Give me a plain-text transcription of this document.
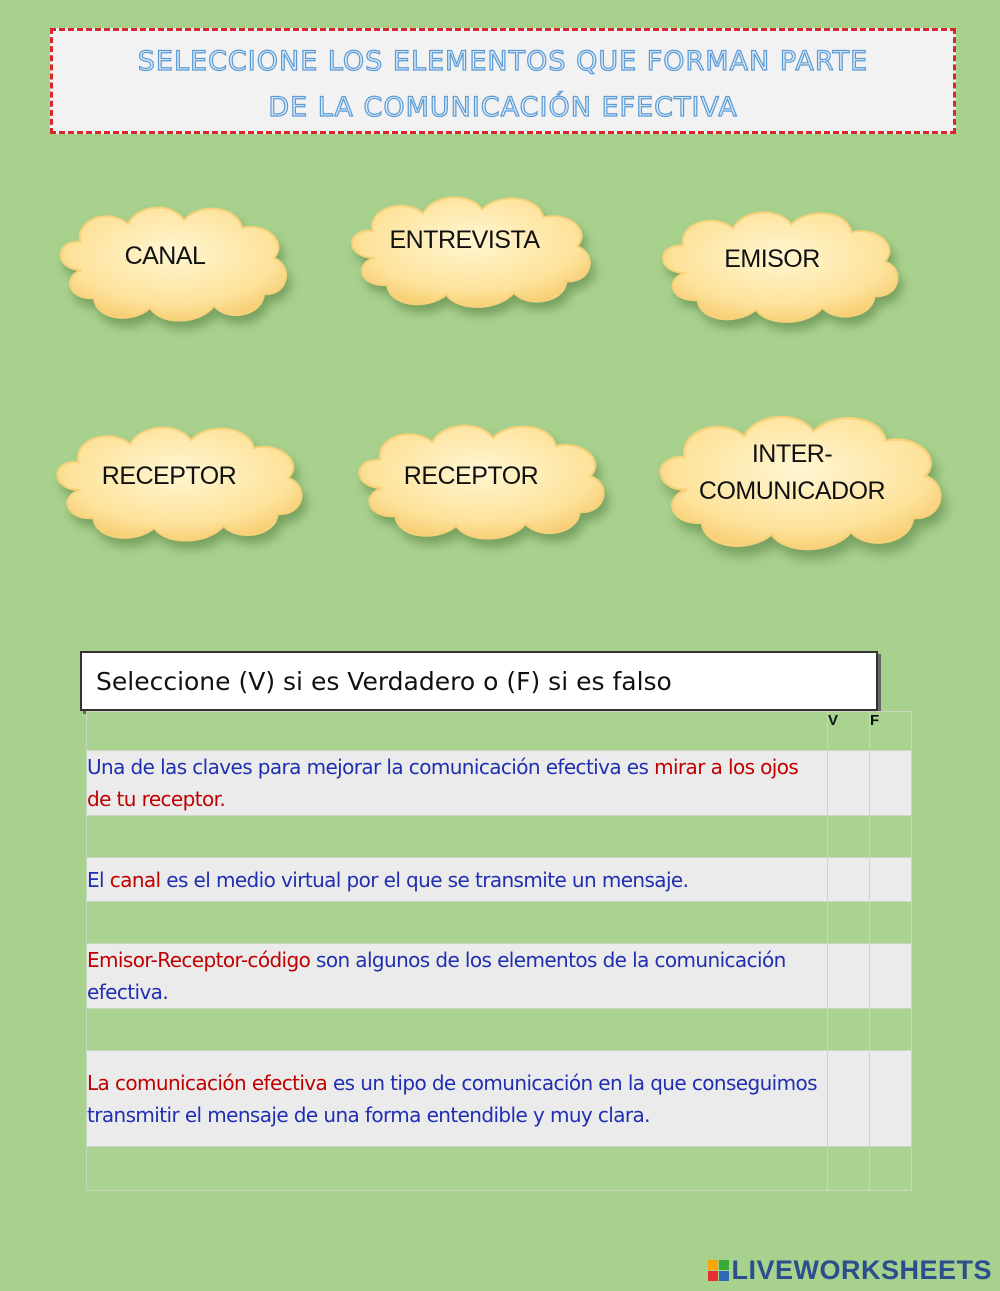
SELECCIONE LOS ELEMENTOS QUE FORMAN PARTE
DE LA COMUNICACIÓN EFECTIVA
CANAL
ENTREVISTA
EMISOR
RECEPTOR	RECEPTOR
INTER-
COMUNICADOR
Seleccione (V) si es Verdadero o (F) si es falso
	V	F
Una de las claves para mejorar la comunicación efectiva es mirar a los ojos de tu receptor.		

El canal es el medio virtual por el que se transmite un mensaje.		

Emisor-Receptor-código son algunos de los elementos de la comunicación efectiva.		

La comunicación efectiva es un tipo de comunicación en la que conseguimos transmitir el mensaje de una forma entendible y muy clara.		

LIVEWORKSHEETS
